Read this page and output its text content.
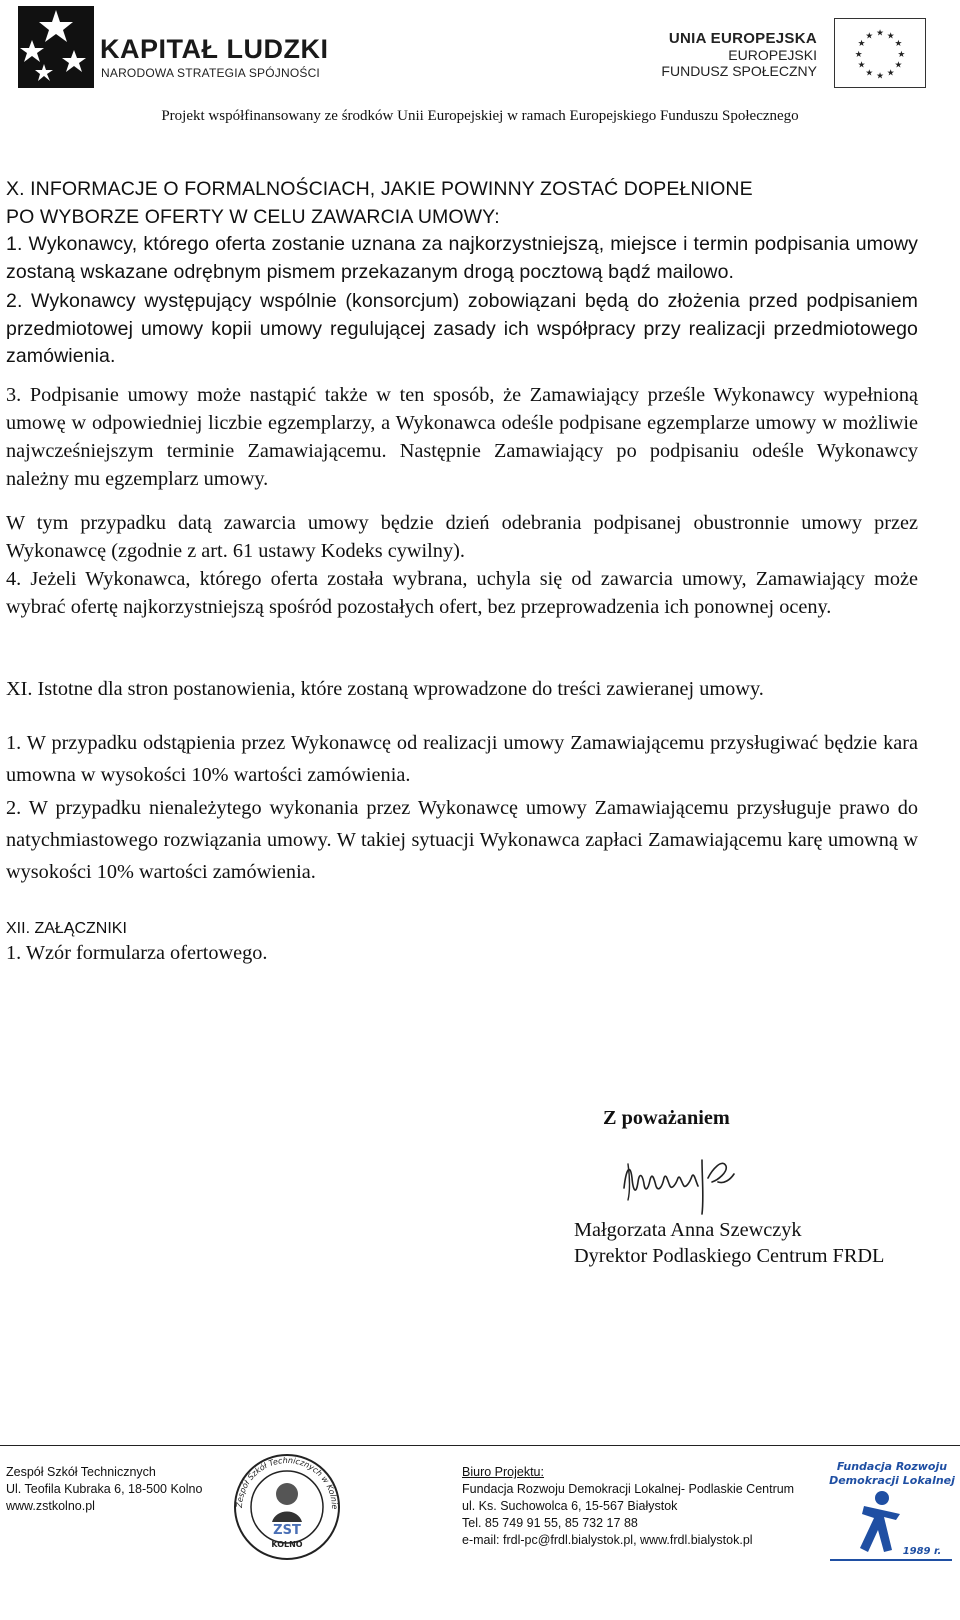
KAPITAŁ LUDZKI
NARODOWA STRATEGIA SPÓJNOŚCI
UNIA EUROPEJSKA
EUROPEJSKI
FUNDUSZ SPOŁECZNY
★ ★
★
★
★
★
★
★
★
★
★
★
Projekt współfinansowany ze środków Unii Europejskiej w ramach Europejskiego Funduszu Społecznego
X. INFORMACJE O FORMALNOŚCIACH, JAKIE POWINNY ZOSTAĆ DOPEŁNIONE
PO WYBORZE OFERTY W CELU ZAWARCIA UMOWY:

1. Wykonawcy, którego oferta zostanie uznana za najkorzystniejszą, miejsce i termin podpisania umowy zostaną wskazane odrębnym pismem przekazanym drogą pocztową bądź mailowo.

2. Wykonawcy występujący wspólnie (konsorcjum) zobowiązani będą do złożenia przed podpisaniem przedmiotowej umowy kopii umowy regulującej zasady ich współpracy przy realizacji przedmiotowego zamówienia.

3. Podpisanie umowy może nastąpić także w ten sposób, że Zamawiający prześle Wykonawcy wypełnioną umowę w odpowiedniej liczbie egzemplarzy, a Wykonawca odeśle podpisane egzemplarze umowy w możliwie najwcześniejszym terminie Zamawiającemu. Następnie Zamawiający po podpisaniu odeśle Wykonawcy należny mu egzemplarz umowy.

W tym przypadku datą zawarcia umowy będzie dzień odebrania podpisanej obustronnie umowy przez Wykonawcę (zgodnie z art. 61 ustawy Kodeks cywilny).

4. Jeżeli Wykonawca, którego oferta została wybrana, uchyla się od zawarcia umowy, Zamawiający może wybrać ofertę najkorzystniejszą spośród pozostałych ofert, bez przeprowadzenia ich ponownej oceny.

XI. Istotne dla stron postanowienia, które zostaną wprowadzone do treści zawieranej umowy.

1. W przypadku odstąpienia przez Wykonawcę od realizacji umowy Zamawiającemu przysługiwać będzie kara umowna w wysokości 10% wartości zamówienia.

2. W przypadku nienależytego wykonania przez Wykonawcę umowy Zamawiającemu przysługuje prawo do natychmiastowego rozwiązania umowy. W takiej sytuacji Wykonawca zapłaci Zamawiającemu karę umowną w wysokości 10% wartości zamówienia.

XII. ZAŁĄCZNIKI
1. Wzór formularza ofertowego.
Z poważaniem
Małgorzata Anna Szewczyk
Dyrektor Podlaskiego Centrum FRDL
Zespół Szkół Technicznych
Ul. Teofila Kubraka 6, 18-500 Kolno
www.zstkolno.pl	Zespół Szkół Technicznych w Kolnie
ZST
KOLNO
Biuro Projektu:
Fundacja Rozwoju Demokracji Lokalnej- Podlaskie Centrum
ul. Ks. Suchowolca 6, 15-567 Białystok
Tel. 85 749 91 55, 85 732 17 88
e-mail: frdl-pc@frdl.bialystok.pl, www.frdl.bialystok.pl
Fundacja Rozwoju
Demokracji Lokalnej
1989 r.
